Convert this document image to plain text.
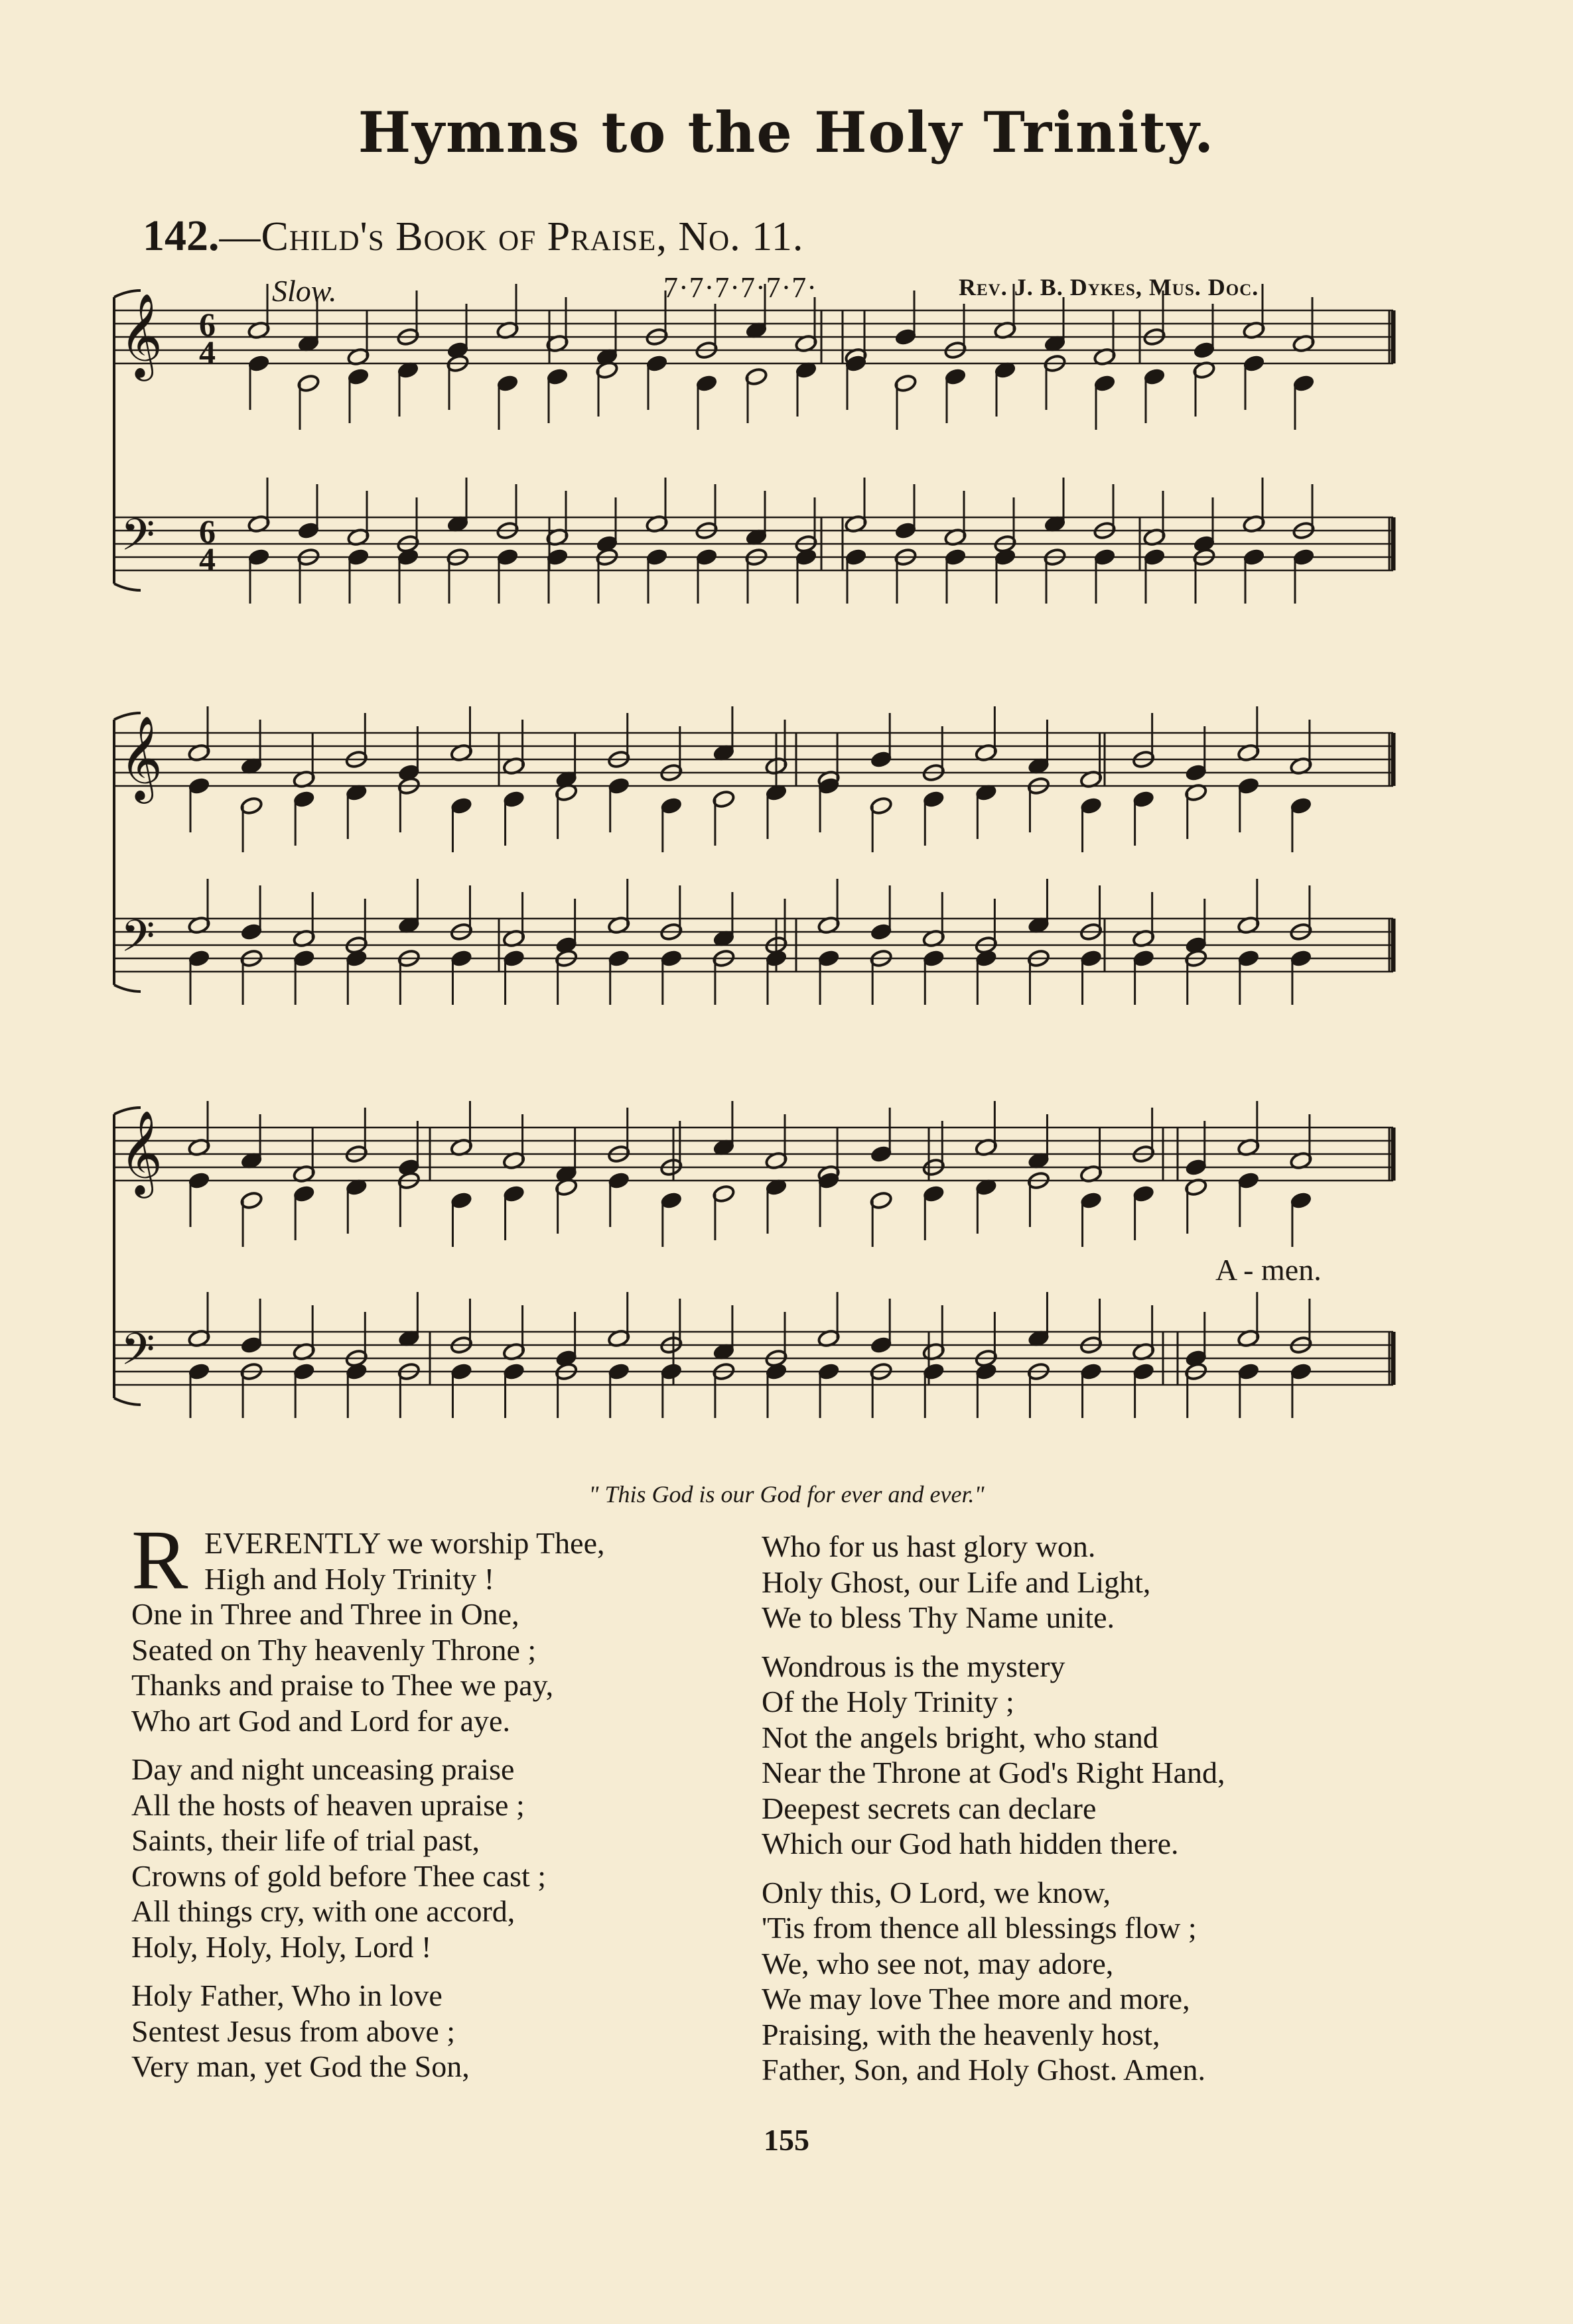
Hymns to the Holy Trinity.
142.—Child's Book of Praise, No. 11.
Slow.	7·7·7·7·7·7·	Rev. J. B. Dykes, Mus. Doc.
𝄞
𝄢
6
4
6
4
𝄞
𝄢
𝄞
𝄢
A - men.
" This God is our God for ever and ever."
R EVERENTLY we worship Thee,
High and Holy Trinity !
One in Three and Three in One,
Seated on Thy heavenly Throne ;
Thanks and praise to Thee we pay,
Who art God and Lord for aye.
Day and night unceasing praise
All the hosts of heaven upraise ;
Saints, their life of trial past,
Crowns of gold before Thee cast ;
All things cry, with one accord,
Holy, Holy, Holy, Lord !
Holy Father, Who in love
Sentest Jesus from above ;
Very man, yet God the Son,
Who for us hast glory won.
Holy Ghost, our Life and Light,
We to bless Thy Name unite.
Wondrous is the mystery
Of the Holy Trinity ;
Not the angels bright, who stand
Near the Throne at God's Right Hand,
Deepest secrets can declare
Which our God hath hidden there.
Only this, O Lord, we know,
'Tis from thence all blessings flow ;
We, who see not, may adore,
We may love Thee more and more,
Praising, with the heavenly host,
Father, Son, and Holy Ghost. Amen.
155
